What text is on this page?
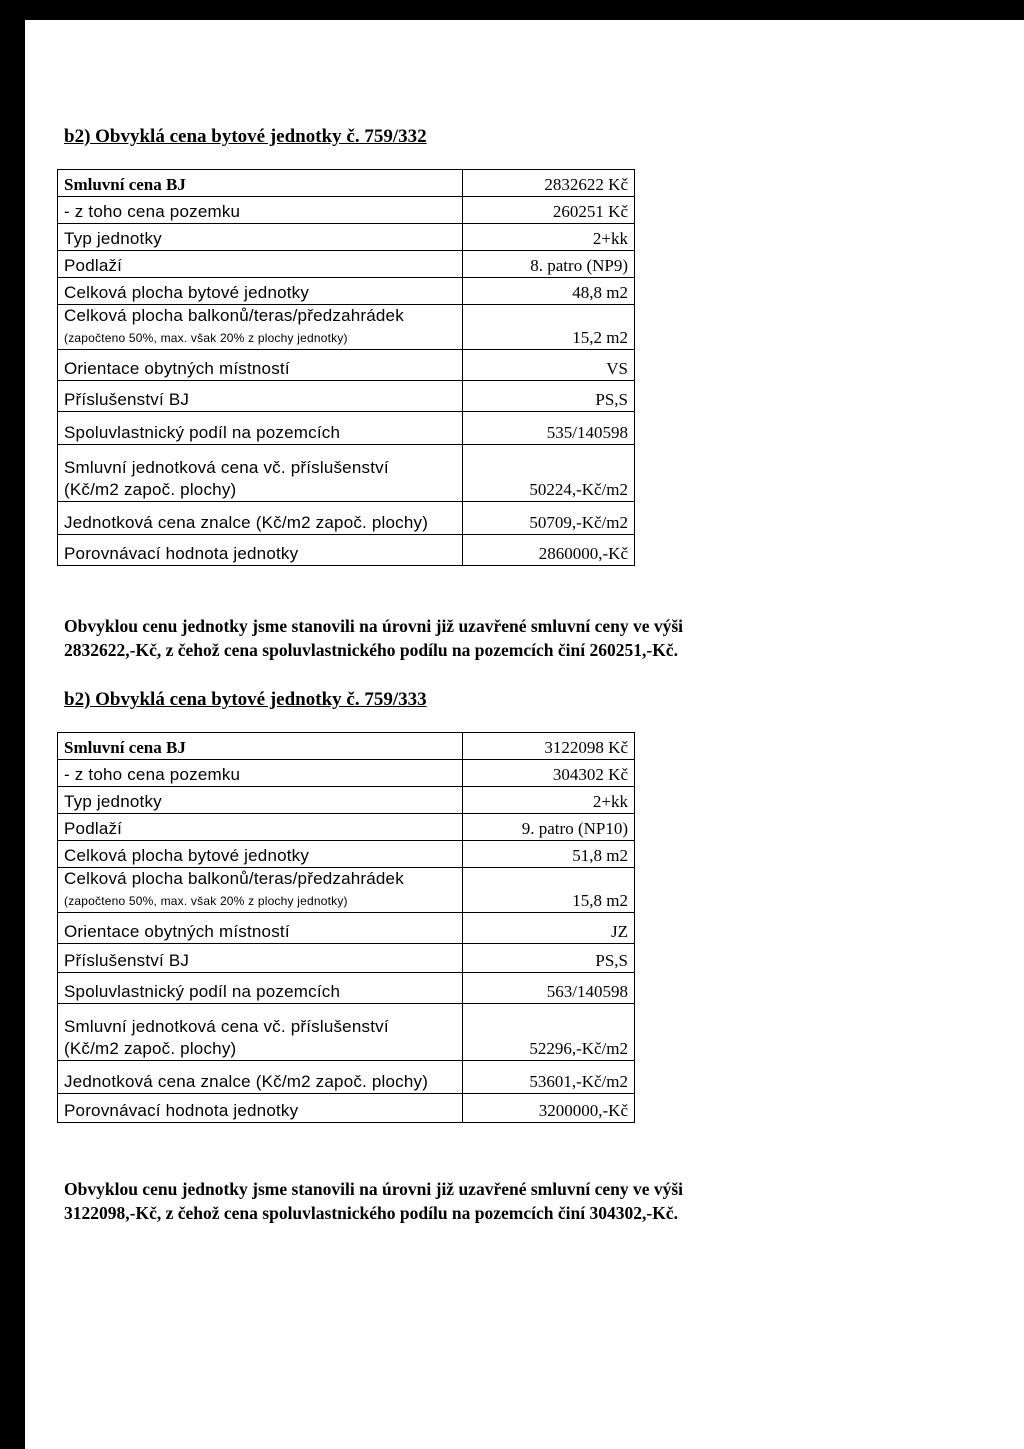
b2) Obvyklá cena bytové jednotky č. 759/332
Smluvní cena BJ	2832622 Kč
- z toho cena pozemku	260251 Kč
Typ jednotky	2+kk
Podlaží	8. patro (NP9)
Celková plocha bytové jednotky	48,8 m2

Celková plocha balkonů/teras/předzahrádek
(započteno 50%, max. však 20% z plochy jednotky)	15,2 m2
Orientace obytných místností	VS
Příslušenství BJ	PS,S
Spoluvlastnický podíl na pozemcích	535/140598

Smluvní jednotková cena vč. příslušenství
(Kč/m2 započ. plochy)	50224,-Kč/m2
Jednotková cena znalce (Kč/m2 započ. plochy)	50709,-Kč/m2
Porovnávací hodnota jednotky	2860000,-Kč
Obvyklou cenu jednotky jsme stanovili na úrovni již uzavřené smluvní ceny ve výši
2832622,-Kč, z čehož cena spoluvlastnického podílu na pozemcích činí 260251,-Kč.
b2) Obvyklá cena bytové jednotky č. 759/333
Smluvní cena BJ	3122098 Kč
- z toho cena pozemku	304302 Kč
Typ jednotky	2+kk
Podlaží	9. patro (NP10)
Celková plocha bytové jednotky	51,8 m2

Celková plocha balkonů/teras/předzahrádek
(započteno 50%, max. však 20% z plochy jednotky)	15,8 m2
Orientace obytných místností	JZ
Příslušenství BJ	PS,S
Spoluvlastnický podíl na pozemcích	563/140598

Smluvní jednotková cena vč. příslušenství
(Kč/m2 započ. plochy)	52296,-Kč/m2
Jednotková cena znalce (Kč/m2 započ. plochy)	53601,-Kč/m2
Porovnávací hodnota jednotky	3200000,-Kč
Obvyklou cenu jednotky jsme stanovili na úrovni již uzavřené smluvní ceny ve výši
3122098,-Kč, z čehož cena spoluvlastnického podílu na pozemcích činí 304302,-Kč.
